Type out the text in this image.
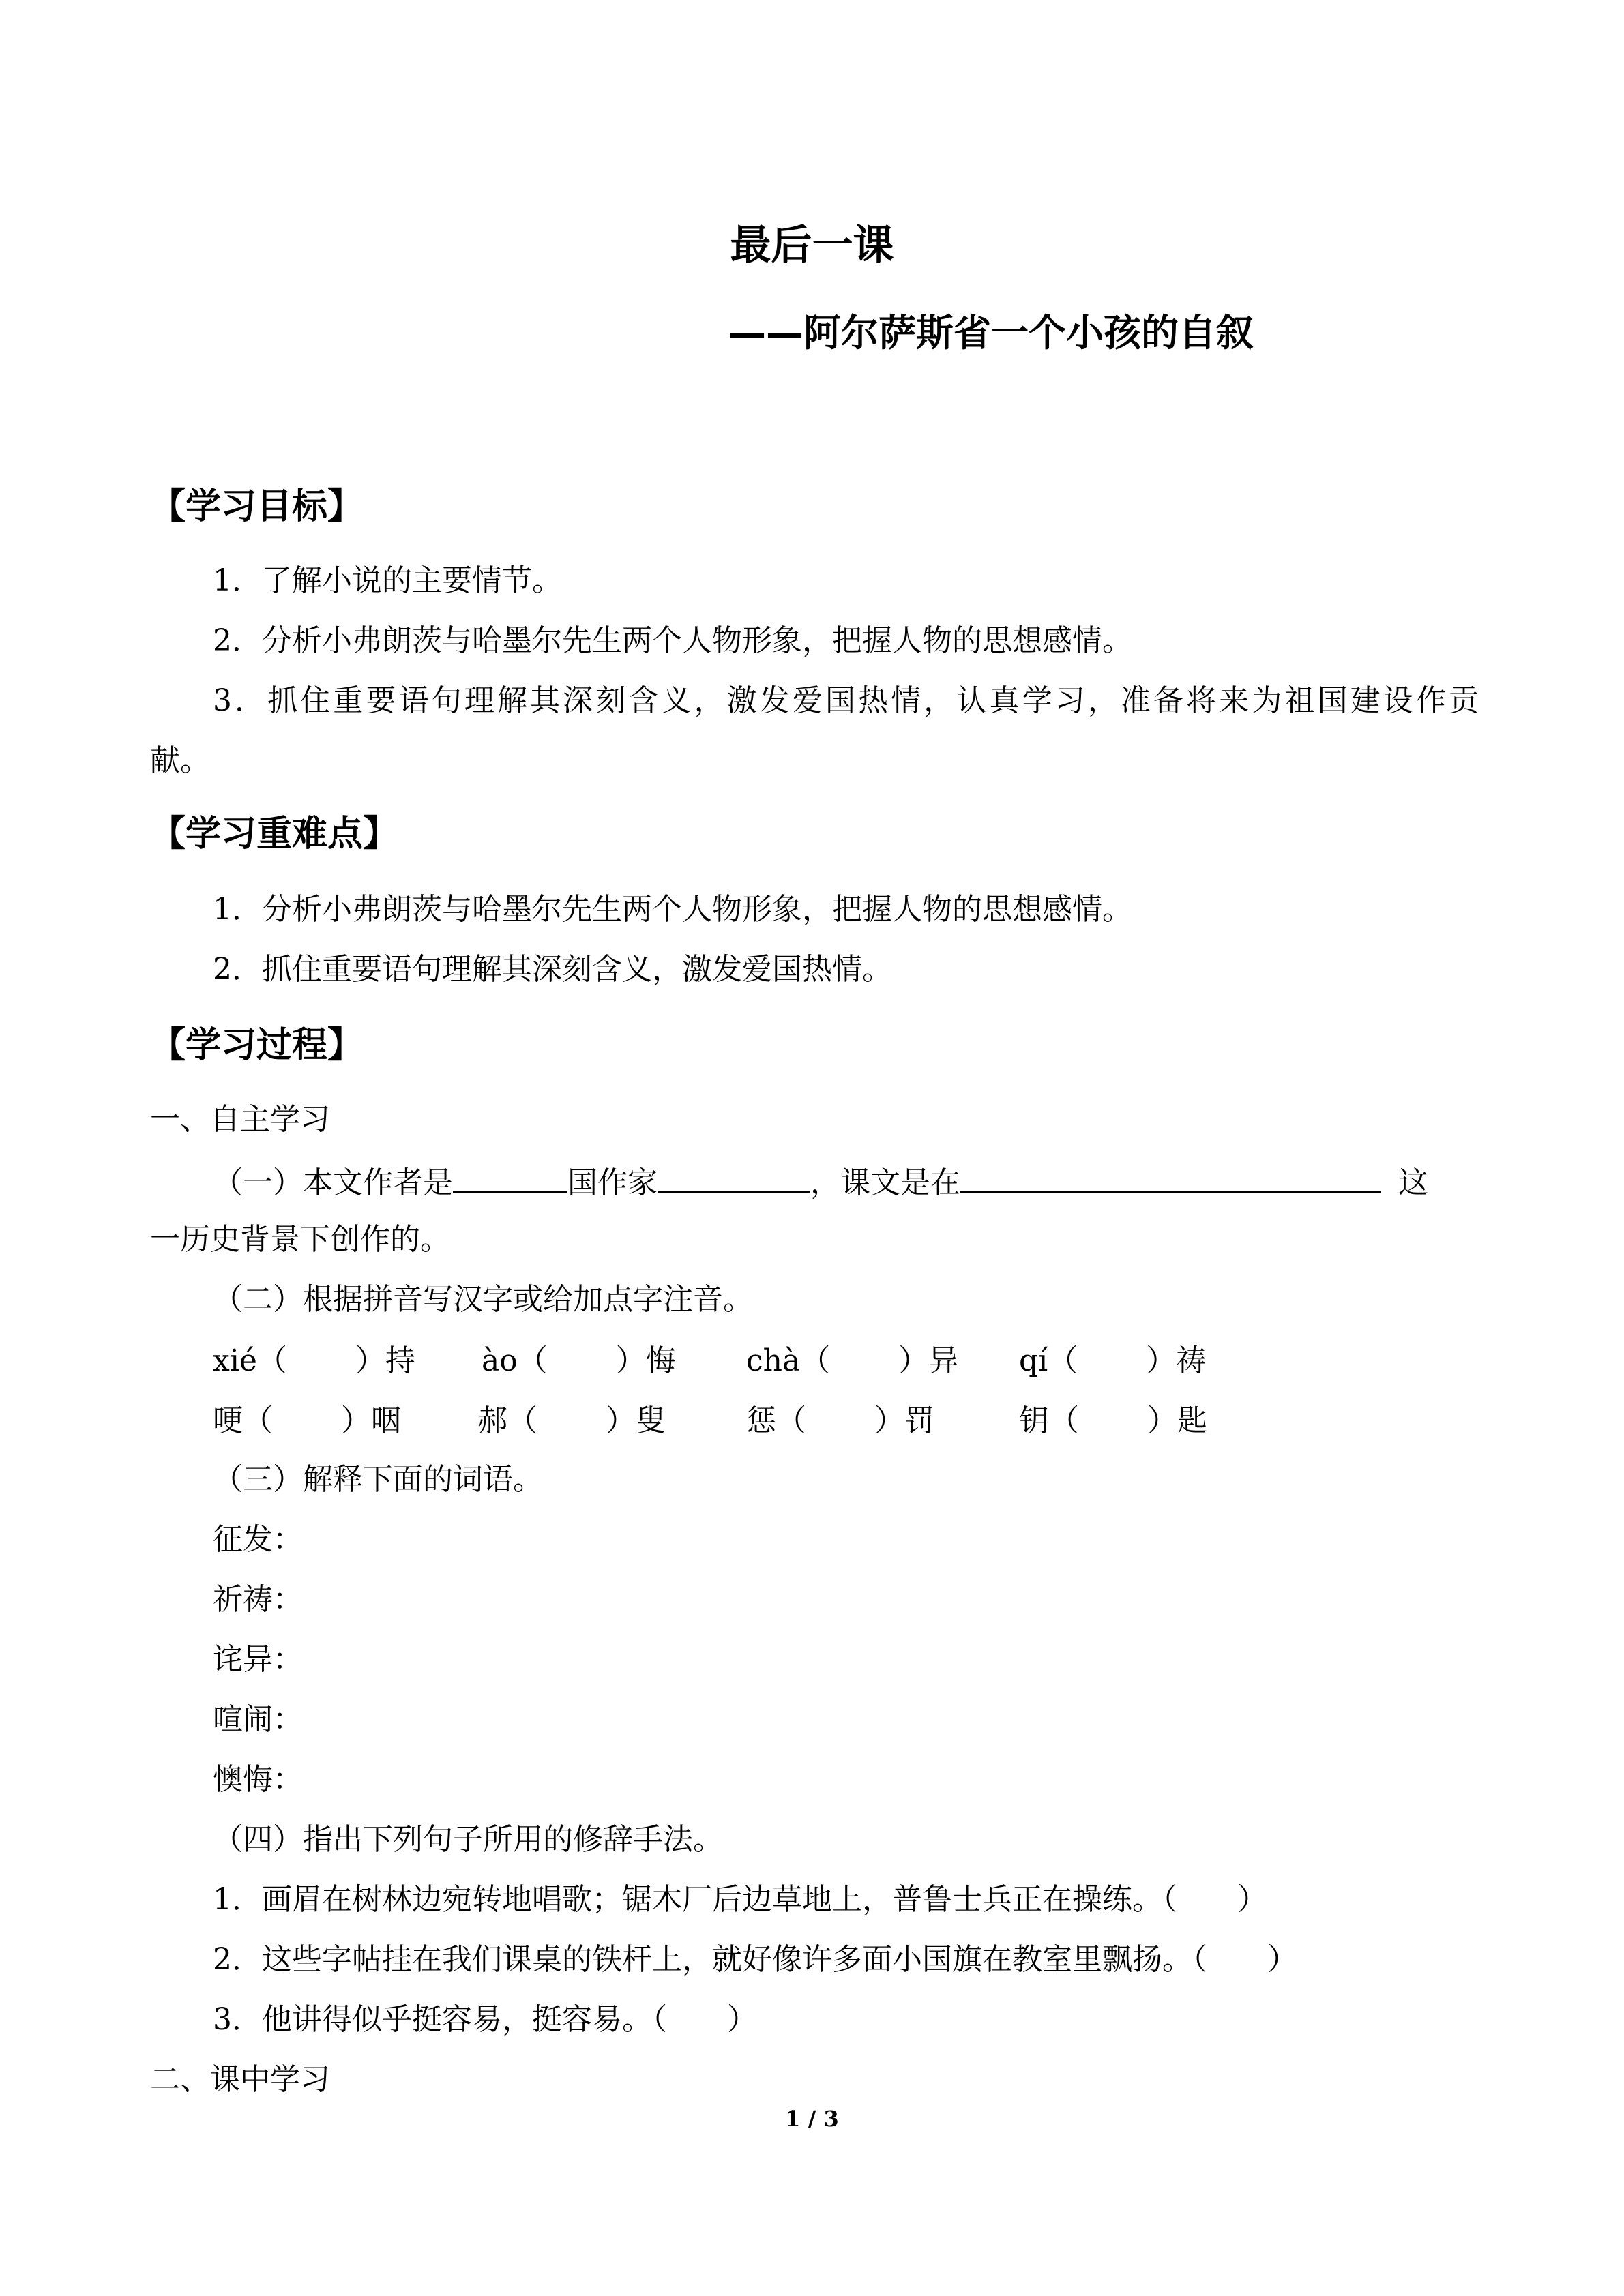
最后一课
——阿尔萨斯省一个小孩的自叙
【学习目标】
1．了解小说的主要情节。
2．分析小弗朗茨与哈墨尔先生两个人物形象，把握人物的思想感情。
3．抓住重要语句理解其深刻含义，激发爱国热情，认真学习，准备将来为祖国建设作贡
献。
【学习重难点】
1．分析小弗朗茨与哈墨尔先生两个人物形象，把握人物的思想感情。
2．抓住重要语句理解其深刻含义，激发爱国热情。
【学习过程】
一、自主学习
（一）本文作者是	国作家	，课文是在	这
一历史背景下创作的。
（二）根据拼音写汉字或给加点字注音。
xié（ ）持 ào（ ）悔 chà（ ）异 qí（ ）祷
哽（ ）咽	郝（ ）叟	惩（ ）罚	钥（ ）匙
（三）解释下面的词语。
征发：
祈祷：
诧异：
喧闹：
懊悔：
（四）指出下列句子所用的修辞手法。
1．画眉在树林边宛转地唱歌；锯木厂后边草地上，普鲁士兵正在操练。（　　）
2．这些字帖挂在我们课桌的铁杆上，就好像许多面小国旗在教室里飘扬。（　　）
3．他讲得似乎挺容易，挺容易。（　　）
二、课中学习
1 / 3
